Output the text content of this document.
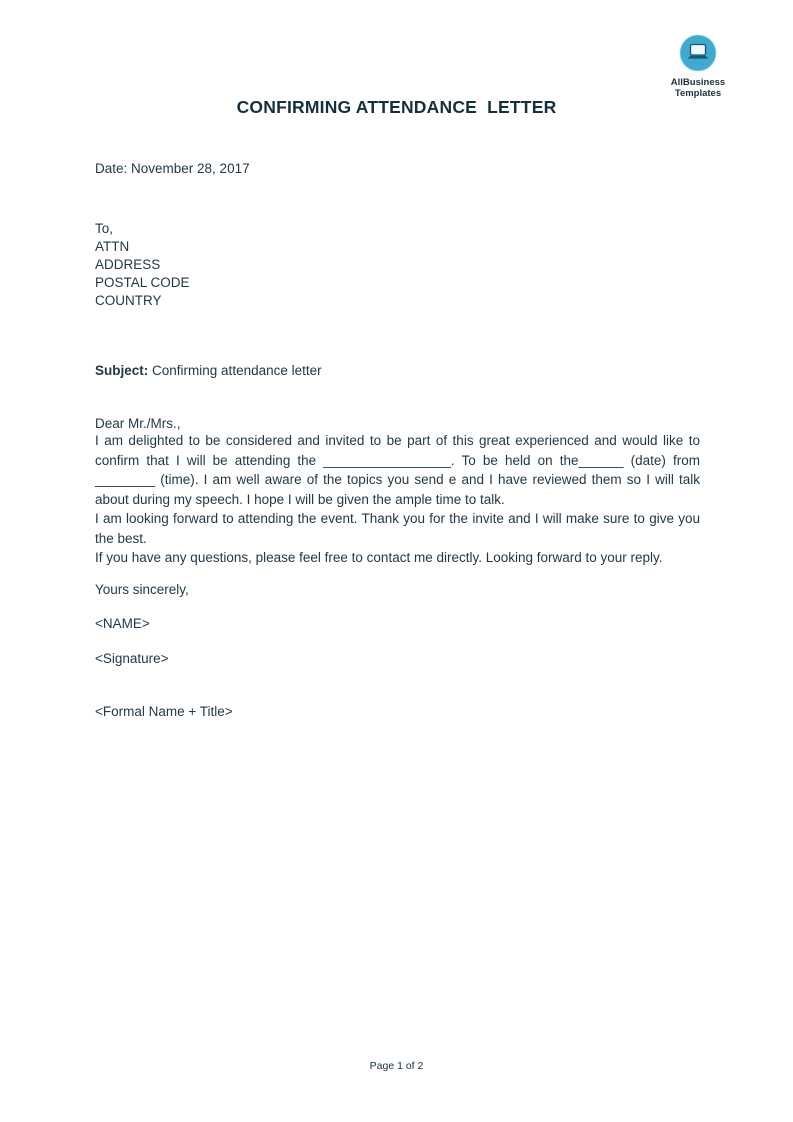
AllBusiness
Templates
CONFIRMING ATTENDANCE  LETTER
Date: November 28, 2017
To,
ATTN
ADDRESS
POSTAL CODE
COUNTRY
Subject: Confirming attendance letter
Dear Mr./Mrs.,

I am delighted to be considered and invited to be part of this great experienced and would like to confirm that I will be attending the _________________. To be held on the______ (date) from ________ (time). I am well aware of the topics you send e and I have reviewed them so I will talk about during my speech. I hope I will be given the ample time to talk.

I am looking forward to attending the event. Thank you for the invite and I will make sure to give you the best.

If you have any questions, please feel free to contact me directly. Looking forward to your reply.

Yours sincerely,
<NAME>
<Signature>
<Formal Name + Title>
Page 1 of 2
